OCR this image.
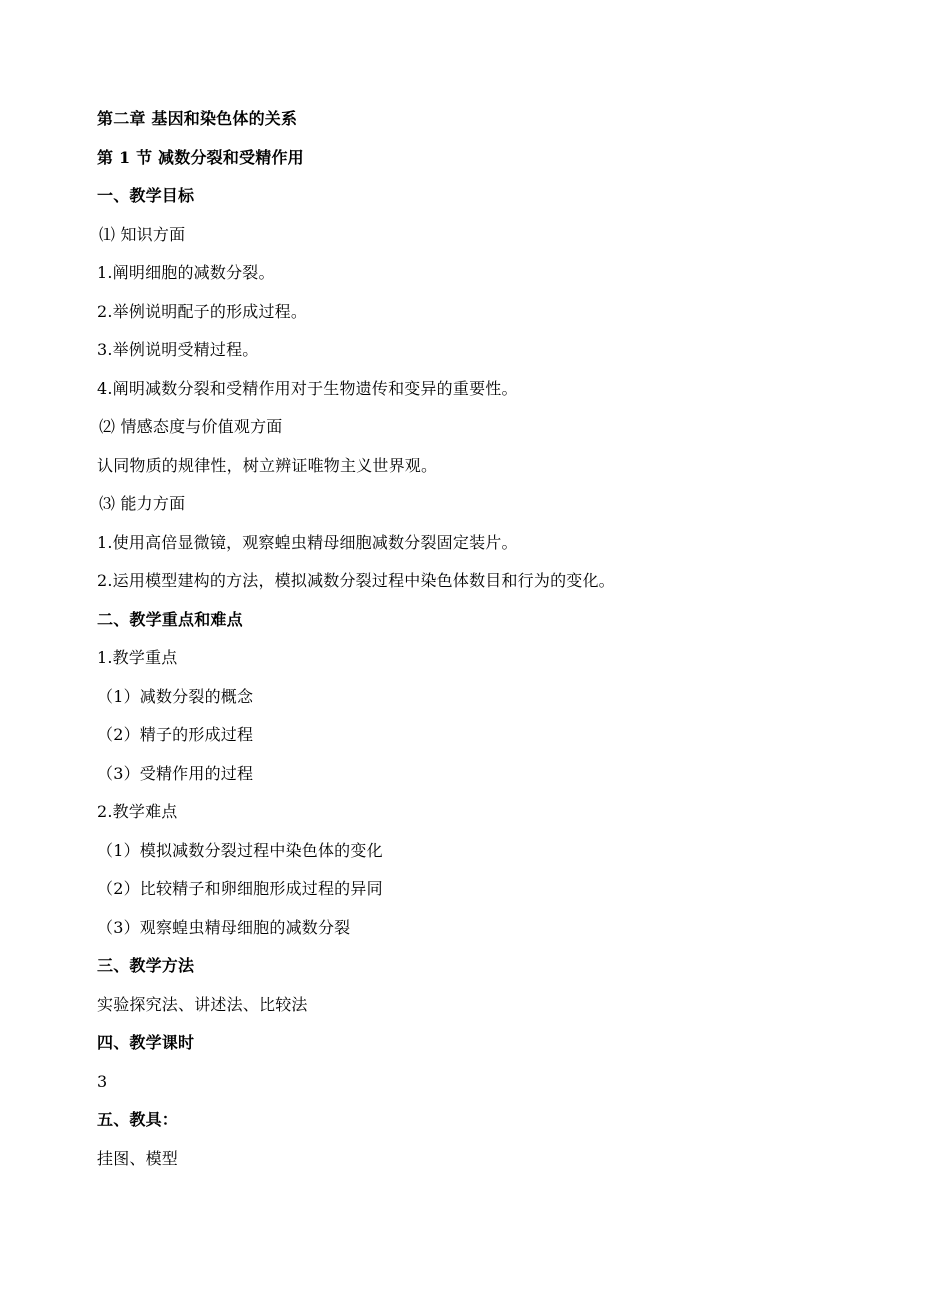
第二章 基因和染色体的关系
第 1 节 减数分裂和受精作用
一、教学目标
⑴ 知识方面
1.阐明细胞的减数分裂。
2.举例说明配子的形成过程。
3.举例说明受精过程。
4.阐明减数分裂和受精作用对于生物遗传和变异的重要性。
⑵ 情感态度与价值观方面
认同物质的规律性，树立辨证唯物主义世界观。
⑶ 能力方面
1.使用高倍显微镜，观察蝗虫精母细胞减数分裂固定装片。
2.运用模型建构的方法，模拟减数分裂过程中染色体数目和行为的变化。
二、教学重点和难点
1.教学重点
（1）减数分裂的概念
（2）精子的形成过程
（3）受精作用的过程
2.教学难点
（1）模拟减数分裂过程中染色体的变化
（2）比较精子和卵细胞形成过程的异同
（3）观察蝗虫精母细胞的减数分裂
三、教学方法
实验探究法、讲述法、比较法
四、教学课时
3
五、教具：
挂图、模型
